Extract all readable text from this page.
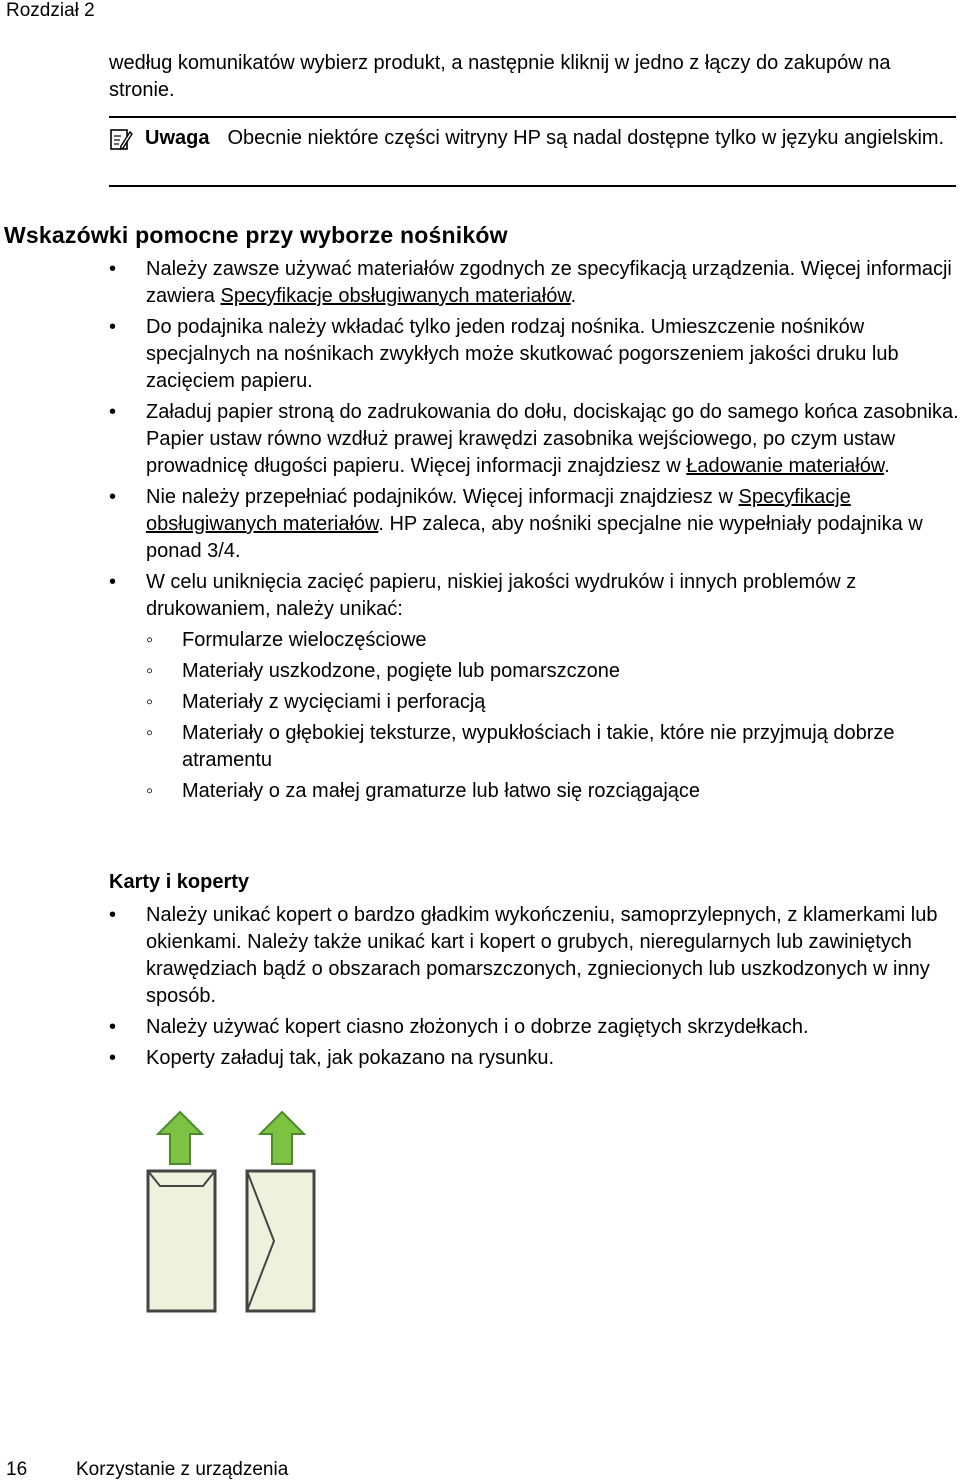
Rozdział 2
według komunikatów wybierz produkt, a następnie kliknij w jedno z łączy do zakupów na stronie.
Uwaga Obecnie niektóre części witryny HP są nadal dostępne tylko w języku angielskim.
Wskazówki pomocne przy wyborze nośników
• Należy zawsze używać materiałów zgodnych ze specyfikacją urządzenia. Więcej informacji zawiera Specyfikacje obsługiwanych materiałów.
• Do podajnika należy wkładać tylko jeden rodzaj nośnika. Umieszczenie nośników specjalnych na nośnikach zwykłych może skutkować pogorszeniem jakości druku lub zacięciem papieru.
• Załaduj papier stroną do zadrukowania do dołu, dociskając go do samego końca zasobnika. Papier ustaw równo wzdłuż prawej krawędzi zasobnika wejściowego, po czym ustaw prowadnicę długości papieru. Więcej informacji znajdziesz w Ładowanie materiałów.
• Nie należy przepełniać podajników. Więcej informacji znajdziesz w Specyfikacje obsługiwanych materiałów. HP zaleca, aby nośniki specjalne nie wypełniały podajnika w ponad 3/4.
• W celu uniknięcia zacięć papieru, niskiej jakości wydruków i innych problemów z drukowaniem, należy unikać:
◦ Formularze wieloczęściowe
◦ Materiały uszkodzone, pogięte lub pomarszczone
◦ Materiały z wycięciami i perforacją
◦ Materiały o głębokiej teksturze, wypukłościach i takie, które nie przyjmują dobrze atramentu
◦ Materiały o za małej gramaturze lub łatwo się rozciągające
Karty i koperty
• Należy unikać kopert o bardzo gładkim wykończeniu, samoprzylepnych, z klamerkami lub okienkami. Należy także unikać kart i kopert o grubych, nieregularnych lub zawiniętych krawędziach bądź o obszarach pomarszczonych, zgniecionych lub uszkodzonych w inny sposób.
• Należy używać kopert ciasno złożonych i o dobrze zagiętych skrzydełkach.
• Koperty załaduj tak, jak pokazano na rysunku.
16	Korzystanie z urządzenia
